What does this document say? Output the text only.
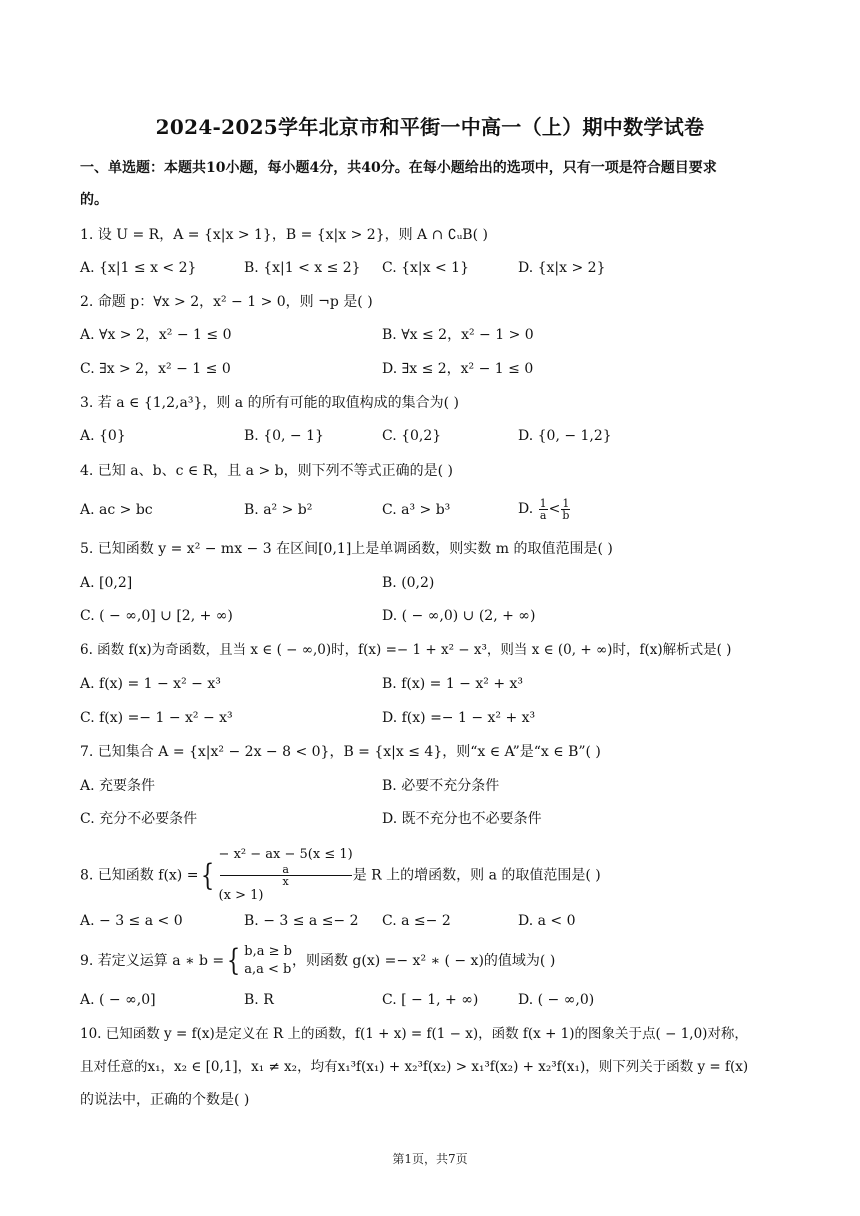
2024-2025学年北京市和平街一中高一（上）期中数学试卷
一、单选题：本题共10小题，每小题4分，共40分。在每小题给出的选项中，只有一项是符合题目要求
的。
1. 设 U = R，A = {x|x > 1}，B = {x|x > 2}，则 A ∩ ∁ᵤB( )
A. {x|1 ≤ x < 2}	B. {x|1 < x ≤ 2} C. {x|x < 1}	D. {x|x > 2}
2. 命题 p：∀x > 2，x² − 1 > 0，则 ¬p 是( )
A. ∀x > 2，x² − 1 ≤ 0	B. ∀x ≤ 2，x² − 1 > 0
C. ∃x > 2，x² − 1 ≤ 0	D. ∃x ≤ 2，x² − 1 ≤ 0
3. 若 a ∈ {1,2,a³}，则 a 的所有可能的取值构成的集合为( )
A. {0}	B. {0, − 1}	C. {0,2}	D. {0, − 1,2}
4. 已知 a、b、c ∈ R，且 a > b，则下列不等式正确的是( )
A. ac > bc	B. a² > b²	C. a³ > b³	D. $\frac{1}{a} < \frac{1}{b}$
5. 已知函数 y = x² − mx − 3 在区间[0,1]上是单调函数，则实数 m 的取值范围是( )
A. [0,2]	B. (0,2)
C. ( − ∞,0] ∪ [2, + ∞)	D. ( − ∞,0) ∪ (2, + ∞)
6. 函数 f(x)为奇函数，且当 x ∈ ( − ∞,0)时，f(x) =− 1 + x² − x³，则当 x ∈ (0, + ∞)时，f(x)解析式是( )
A. f(x) = 1 − x² − x³	B. f(x) = 1 − x² + x³
C. f(x) =− 1 − x² − x³	D. f(x) =− 1 − x² + x³
7. 已知集合 A = {x|x² − 2x − 8 < 0}，B = {x|x ≤ 4}，则“x ∈ A”是“x ∈ B”( )
A. 充要条件	B. 必要不充分条件
C. 充分不必要条件	D. 既不充分也不必要条件
8. 已知函数 f(x) ={
− x² − ax − 5(x ≤ 1)
a
x
(x > 1)
是 R 上的增函数，则 a 的取值范围是( )
A. − 3 ≤ a < 0	B. − 3 ≤ a ≤− 2 C. a ≤− 2	D. a < 0
9. 若定义运算 a ∗ b ={ b,a ≥ b
a,a < b
，则函数 g(x) =− x² ∗ ( − x)的值域为( )
A. ( − ∞,0]	B. R	C. [ − 1, + ∞)	D. ( − ∞,0)
10. 已知函数 y = f(x)是定义在 R 上的函数，f(1 + x) = f(1 − x)，函数 f(x + 1)的图象关于点( − 1,0)对称，
且对任意的x₁，x₂ ∈ [0,1]，x₁ ≠ x₂，均有x₁³f(x₁) + x₂³f(x₂) > x₁³f(x₂) + x₂³f(x₁)，则下列关于函数 y = f(x)
的说法中，正确的个数是( )
第1页，共7页
